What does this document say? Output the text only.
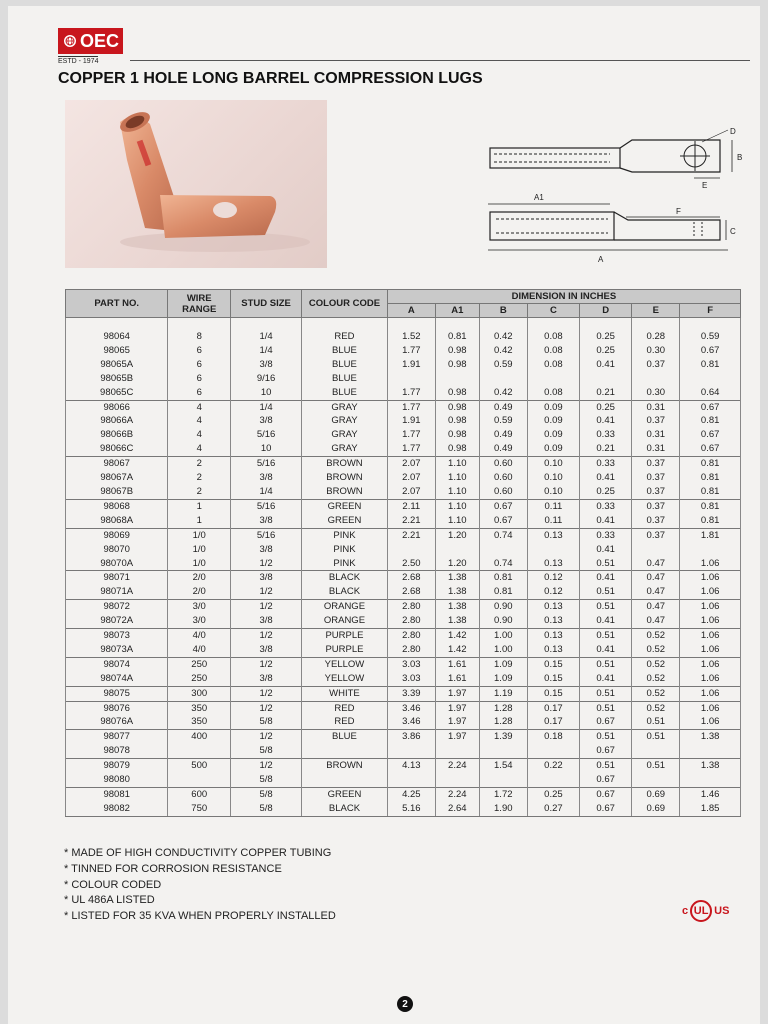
OEC
ESTD - 1974
COPPER 1 HOLE LONG BARREL COMPRESSION LUGS
D
B
E
A1
F
C
A
PART NO.	WIRE RANGE	STUD SIZE	COLOUR CODE	DIMENSION IN INCHES						
				A	A1	B	C	D	E	F

98064	8	1/4	RED	1.52	0.81	0.42	0.08	0.25	0.28	0.59
98065	6	1/4	BLUE	1.77	0.98	0.42	0.08	0.25	0.30	0.67
98065A	6	3/8	BLUE	1.91	0.98	0.59	0.08	0.41	0.37	0.81
98065B	6	9/16	BLUE							
98065C	6	10	BLUE	1.77	0.98	0.42	0.08	0.21	0.30	0.64
98066	4	1/4	GRAY	1.77	0.98	0.49	0.09	0.25	0.31	0.67
98066A	4	3/8	GRAY	1.91	0.98	0.59	0.09	0.41	0.37	0.81
98066B	4	5/16	GRAY	1.77	0.98	0.49	0.09	0.33	0.31	0.67
98066C	4	10	GRAY	1.77	0.98	0.49	0.09	0.21	0.31	0.67
98067	2	5/16	BROWN	2.07	1.10	0.60	0.10	0.33	0.37	0.81
98067A	2	3/8	BROWN	2.07	1.10	0.60	0.10	0.41	0.37	0.81
98067B	2	1/4	BROWN	2.07	1.10	0.60	0.10	0.25	0.37	0.81
98068	1	5/16	GREEN	2.11	1.10	0.67	0.11	0.33	0.37	0.81
98068A	1	3/8	GREEN	2.21	1.10	0.67	0.11	0.41	0.37	0.81
98069	1/0	5/16	PINK	2.21	1.20	0.74	0.13	0.33	0.37	1.81
98070	1/0	3/8	PINK					0.41		
98070A	1/0	1/2	PINK	2.50	1.20	0.74	0.13	0.51	0.47	1.06
98071	2/0	3/8	BLACK	2.68	1.38	0.81	0.12	0.41	0.47	1.06
98071A	2/0	1/2	BLACK	2.68	1.38	0.81	0.12	0.51	0.47	1.06
98072	3/0	1/2	ORANGE	2.80	1.38	0.90	0.13	0.51	0.47	1.06
98072A	3/0	3/8	ORANGE	2.80	1.38	0.90	0.13	0.41	0.47	1.06
98073	4/0	1/2	PURPLE	2.80	1.42	1.00	0.13	0.51	0.52	1.06
98073A	4/0	3/8	PURPLE	2.80	1.42	1.00	0.13	0.41	0.52	1.06
98074	250	1/2	YELLOW	3.03	1.61	1.09	0.15	0.51	0.52	1.06
98074A	250	3/8	YELLOW	3.03	1.61	1.09	0.15	0.41	0.52	1.06
98075	300	1/2	WHITE	3.39	1.97	1.19	0.15	0.51	0.52	1.06
98076	350	1/2	RED	3.46	1.97	1.28	0.17	0.51	0.52	1.06
98076A	350	5/8	RED	3.46	1.97	1.28	0.17	0.67	0.51	1.06
98077	400	1/2	BLUE	3.86	1.97	1.39	0.18	0.51	0.51	1.38
98078		5/8						0.67		
98079	500	1/2	BROWN	4.13	2.24	1.54	0.22	0.51	0.51	1.38
98080		5/8						0.67		
98081	600	5/8	GREEN	4.25	2.24	1.72	0.25	0.67	0.69	1.46
98082	750	5/8	BLACK	5.16	2.64	1.90	0.27	0.67	0.69	1.85
* MADE OF HIGH CONDUCTIVITY COPPER TUBING
* TINNED FOR CORROSION RESISTANCE
* COLOUR CODED
* UL 486A LISTED
* LISTED FOR 35 KVA WHEN PROPERLY INSTALLED	c UL US
2
